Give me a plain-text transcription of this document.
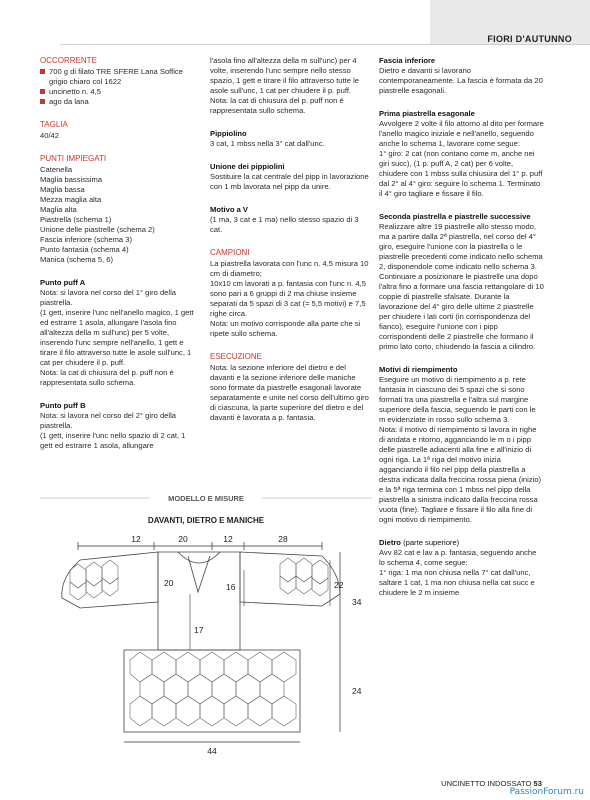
FIORI D'AUTUNNO
OCCORRENTE

700 g di filato TRE SFERE Lana Soffice grigio chiaro col 1622

uncinetto n. 4,5

ago da lana

TAGLIA

40/42

PUNTI IMPIEGATI

Catenella

Maglia bassissima

Maglia bassa

Mezza maglia alta

Maglia alta

Piastrella (schema 1)

Unione delle piastrelle (schema 2)

Fascia inferiore (schema 3)

Punto fantasia (schema 4)

Manica (schema 5, 6)

Punto puff A

Nota: si lavora nel corso del 1° giro della piastrella.

(1 gett, inserire l'unc nell'anello magico, 1 gett ed estrarre 1 asola, allungare l'asola fino all'altezza della m sull'unc) per 5 volte, inserendo l'unc sempre nell'anello, 1 gett e tirare il filo attraverso tutte le asole sull'unc, 1 cat per chiudere il p. puff.

Nota: la cat di chiusura del p. puff non è rappresentata sullo schema.

Punto puff B

Nota: si lavora nel corso del 2° giro della piastrella.

(1 gett, inserire l'unc nello spazio di 2 cat, 1 gett ed estrarre 1 asola, allungare

l'asola fino all'altezza della m sull'unc) per 4 volte, inserendo l'unc sempre nello stesso spazio, 1 gett e tirare il filo attraverso tutte le asole sull'unc, 1 cat per chiudere il p. puff.

Nota: la cat di chiusura del p. puff non è rappresentata sullo schema.

Pippiolino

3 cat, 1 mbss nella 3° cat dall'unc.

Unione dei pippiolini

Sostituire la cat centrale del pipp in lavorazione con 1 mb lavorata nel pipp da unire.

Motivo a V

(1 ma, 3 cat e 1 ma) nello stesso spazio di 3 cat.

CAMPIONI

La piastrella lavorata con l'unc n. 4,5 misura 10 cm di diametro;

10x10 cm lavorati a p. fantasia con l'unc n. 4,5 sono pari a 6 gruppi di 2 ma chiuse insieme separati da 5 spazi di 3 cat (= 5,5 motivi) e 7,5 righe circa.

Nota: un motivo corrisponde alla parte che si ripete sullo schema.

ESECUZIONE

Nota: la sezione inferiore del dietro e del davanti e la sezione inferiore delle maniche sono formate da piastrelle esagonali lavorate separatamente e unite nel corso dell'ultimo giro di ciascuna, la parte superiore del dietro e del davanti è lavorata a p. fantasia.

Fascia inferiore

Dietro e davanti si lavorano contemporaneamente. La fascia è formata da 20 piastrelle esagonali.

Prima piastrella esagonale

Avvolgere 2 volte il filo attorno al dito per formare l'anello magico iniziale e nell'anello, seguendo anche lo schema 1, lavorare come segue:

1° giro: 2 cat (non contano come m, anche nei giri succ), (1 p. puff A, 2 cat) per 6 volte, chiudere con 1 mbss sulla chiusura del 1° p. puff

dal 2° al 4° giro: seguire lo schema 1. Terminato il 4° giro tagliare e fissare il filo.

Seconda piastrella e piastrelle successive

Realizzare altre 19 piastrelle allo stesso modo, ma a partire dalla 2ª piastrella, nel corso del 4° giro, eseguire l'unione con la piastrella o le piastrelle precedenti come indicato nello schema 2, disponendole come indicato nello schema 3. Continuare a posizionare le piastrelle una dopo l'altra fino a formare una fascia rettangolare di 10 coppie di piastrelle sfalsate. Durante la lavorazione del 4° giro delle ultime 2 piastrelle per chiudere i lati corti (in corrispondenza del fianco), eseguire l'unione con i pipp corrispondenti delle 2 piastrelle che formano il primo lato corto, chiudendo la fascia a cilindro.

Motivi di riempimento

Eseguire un motivo di riempimento a p. rete fantasia in ciascuno dei 5 spazi che si sono formati tra una piastrella e l'altra sul margine superiore della fascia, seguendo le parti con le m evidenziate in rosso sullo schema 3.

Nota: il motivo di riempimento si lavora in righe di andata e ritorno, agganciando le m o i pipp delle piastrelle adiacenti alla fine e all'inizio di ogni riga. La 1ª riga del motivo inizia agganciando il filo nel pipp della piastrella a destra indicata dalla freccina rossa piena (inizio) e la 5ª riga termina con 1 mbss nel pipp della piastrella a sinistra indicato dalla freccina rossa vuota (fine). Tagliare e fissare il filo alla fine di ogni motivo di riempimento.

Dietro (parte superiore)

Avv 82 cat e lav a p. fantasia, seguendo anche lo schema 4, come segue:

1° riga: 1 ma non chiusa nella 7° cat dall'unc, saltare 1 cat, 1 ma non chiusa nella cat succ e chiudere le 2 m insieme

MODELLO E MISURE
DAVANTI, DIETRO E MANICHE
12	20	12	28
20	16	22
17
34
24
44
UNCINETTO INDOSSATO 53
PassionForum.ru
